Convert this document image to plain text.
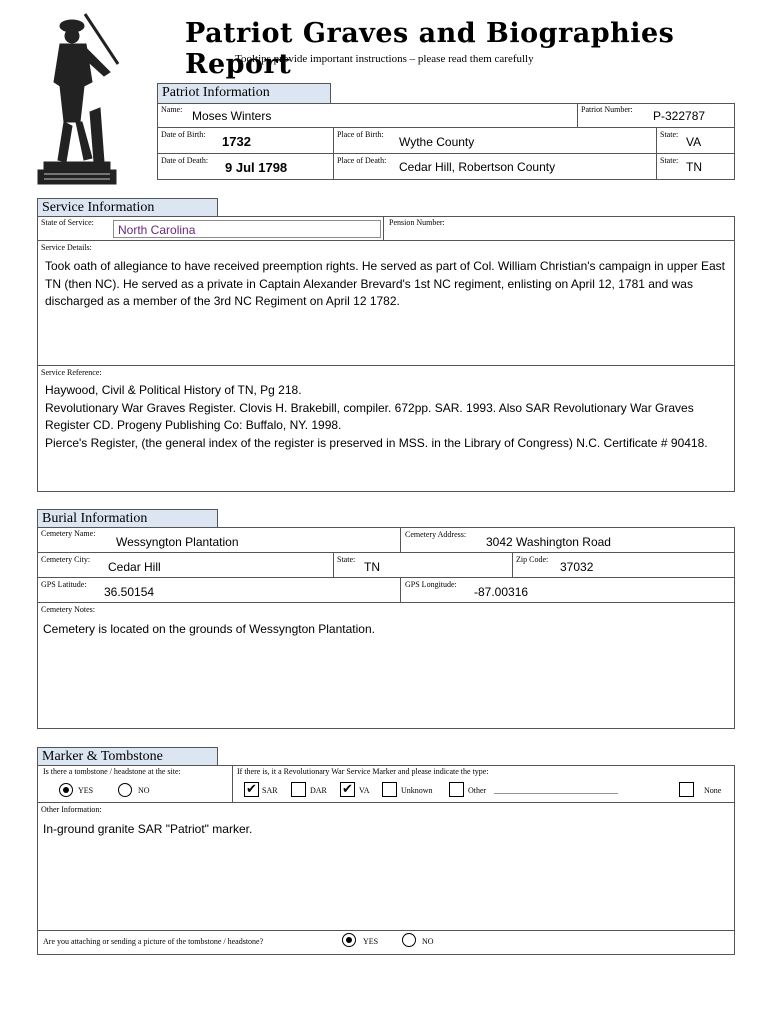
Patriot Graves and Biographies Report
Tooltips provide important instructions – please read them carefully
Patriot Information
Name: Moses Winters	Patriot Number: P-322787
Date of Birth: 1732	Place of Birth:
Wythe County
State:
VA
Date of Death: 9 Jul 1798	Place of Death: Cedar Hill, Robertson County	State: TN
Service Information
State of Service:
North Carolina
Pension Number:
Service Details:
Took oath of allegiance to have received preemption rights. He served as part of Col. William Christian's campaign in upper East TN (then NC). He served as a private in Captain Alexander Brevard's 1st NC regiment, enlisting on April 12, 1781 and was discharged as a member of the 3rd NC Regiment on April 12 1782.
Service Reference:
Haywood, Civil & Political History of TN, Pg 218.
Revolutionary War Graves Register. Clovis H. Brakebill, compiler. 672pp. SAR. 1993. Also SAR Revolutionary War Graves Register CD. Progeny Publishing Co: Buffalo, NY. 1998.
Pierce's Register, (the general index of the register is preserved in MSS. in the Library of Congress) N.C. Certificate # 90418.
Burial Information
Cemetery Name:
Wessyngton Plantation
Cemetery Address:
3042 Washington Road
Cemetery City:
Cedar Hill
State:
TN
Zip Code:
37032
GPS Latitude:
36.50154
GPS Longitude:
-87.00316
Cemetery Notes:
Cemetery is located on the grounds of Wessyngton Plantation.
Marker & Tombstone
Is there a tombstone / headstone at the site:
YES	NO
If there is, it a Revolutionary War Service Marker and please indicate the type:
✔ SAR	DAR ✔ VA	Unknown	Other _______________________________	None
Other Information:
In-ground granite SAR "Patriot" marker.
Are you attaching or sending a picture of the tombstone / headstone?	YES	NO
